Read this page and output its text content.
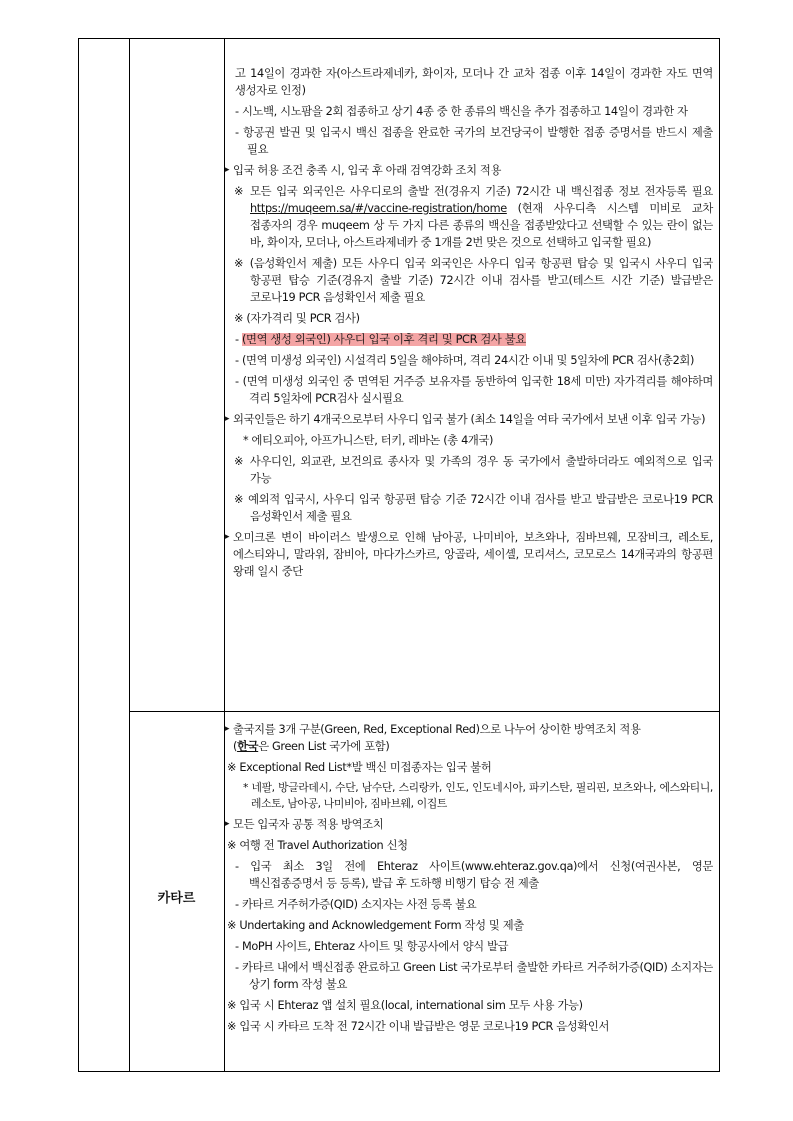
고 14일이 경과한 자(아스트라제네카, 화이자, 모더나 간 교차 접종 이후 14일이 경과한 자도 면역 생성자로 인정)

- 시노백, 시노팜을 2회 접종하고 상기 4종 중 한 종류의 백신을 추가 접종하고 14일이 경과한 자

- 항공권 발권 및 입국시 백신 접종을 완료한 국가의 보건당국이 발행한 접종 증명서를 반드시 제출 필요

▸ 입국 허용 조건 충족 시, 입국 후 아래 검역강화 조치 적용

※ 모든 입국 외국인은 사우디로의 출발 전(경유지 기준) 72시간 내 백신접종 정보 전자등록 필요 https://muqeem.sa/#/vaccine-registration/home (현재 사우디측 시스템 미비로 교차 접종자의 경우 muqeem 상 두 가지 다른 종류의 백신을 접종받았다고 선택할 수 있는 란이 없는 바, 화이자, 모더나, 아스트라제네카 중 1개를 2번 맞은 것으로 선택하고 입국할 필요)

※ (음성확인서 제출) 모든 사우디 입국 외국인은 사우디 입국 항공편 탑승 및 입국시 사우디 입국 항공편 탑승 기준(경유지 출발 기준) 72시간 이내 검사를 받고(테스트 시간 기준) 발급받은 코로나19 PCR 음성확인서 제출 필요

※ (자가격리 및 PCR 검사)

- (면역 생성 외국인) 사우디 입국 이후 격리 및 PCR 검사 불요

- (면역 미생성 외국인) 시설격리 5일을 해야하며, 격리 24시간 이내 및 5일차에 PCR 검사(총2회)

- (면역 미생성 외국인 중 면역된 거주증 보유자를 동반하여 입국한 18세 미만) 자가격리를 해야하며 격리 5일차에 PCR검사 실시필요

▸ 외국인들은 하기 4개국으로부터 사우디 입국 불가 (최소 14일을 여타 국가에서 보낸 이후 입국 가능)

* 에티오피아, 아프가니스탄, 터키, 레바논 (총 4개국)

※ 사우디인, 외교관, 보건의료 종사자 및 가족의 경우 동 국가에서 출발하더라도 예외적으로 입국 가능

※ 예외적 입국시, 사우디 입국 항공편 탑승 기준 72시간 이내 검사를 받고 발급받은 코로나19 PCR 음성확인서 제출 필요

▸ 오미크론 변이 바이러스 발생으로 인해 남아공, 나미비아, 보츠와나, 짐바브웨, 모잠비크, 레소토, 에스티와니, 말라위, 잠비아, 마다가스카르, 앙골라, 세이셸, 모리셔스, 코모로스 14개국과의 항공편 왕래 일시 중단

카타르

▸ 출국지를 3개 구분(Green, Red, Exceptional Red)으로 나누어 상이한 방역조치 적용
(한국은 Green List 국가에 포함)

※ Exceptional Red List*발 백신 미접종자는 입국 불허

* 네팔, 방글라데시, 수단, 남수단, 스리랑카, 인도, 인도네시아, 파키스탄, 필리핀, 보츠와나, 에스와티니, 레소토, 남아공, 나미비아, 짐바브웨, 이집트

▸ 모든 입국자 공통 적용 방역조치

※ 여행 전 Travel Authorization 신청

- 입국 최소 3일 전에 Ehteraz 사이트(www.ehteraz.gov.qa)에서 신청(여권사본, 영문 백신접종증명서 등 등록), 발급 후 도하행 비행기 탑승 전 제출

- 카타르 거주허가증(QID) 소지자는 사전 등록 불요

※ Undertaking and Acknowledgement Form 작성 및 제출

- MoPH 사이트, Ehteraz 사이트 및 항공사에서 양식 발급

- 카타르 내에서 백신접종 완료하고 Green List 국가로부터 출발한 카타르 거주허가증(QID) 소지자는 상기 form 작성 불요

※ 입국 시 Ehteraz 앱 설치 필요(local, international sim 모두 사용 가능)

※ 입국 시 카타르 도착 전 72시간 이내 발급받은 영문 코로나19 PCR 음성확인서
